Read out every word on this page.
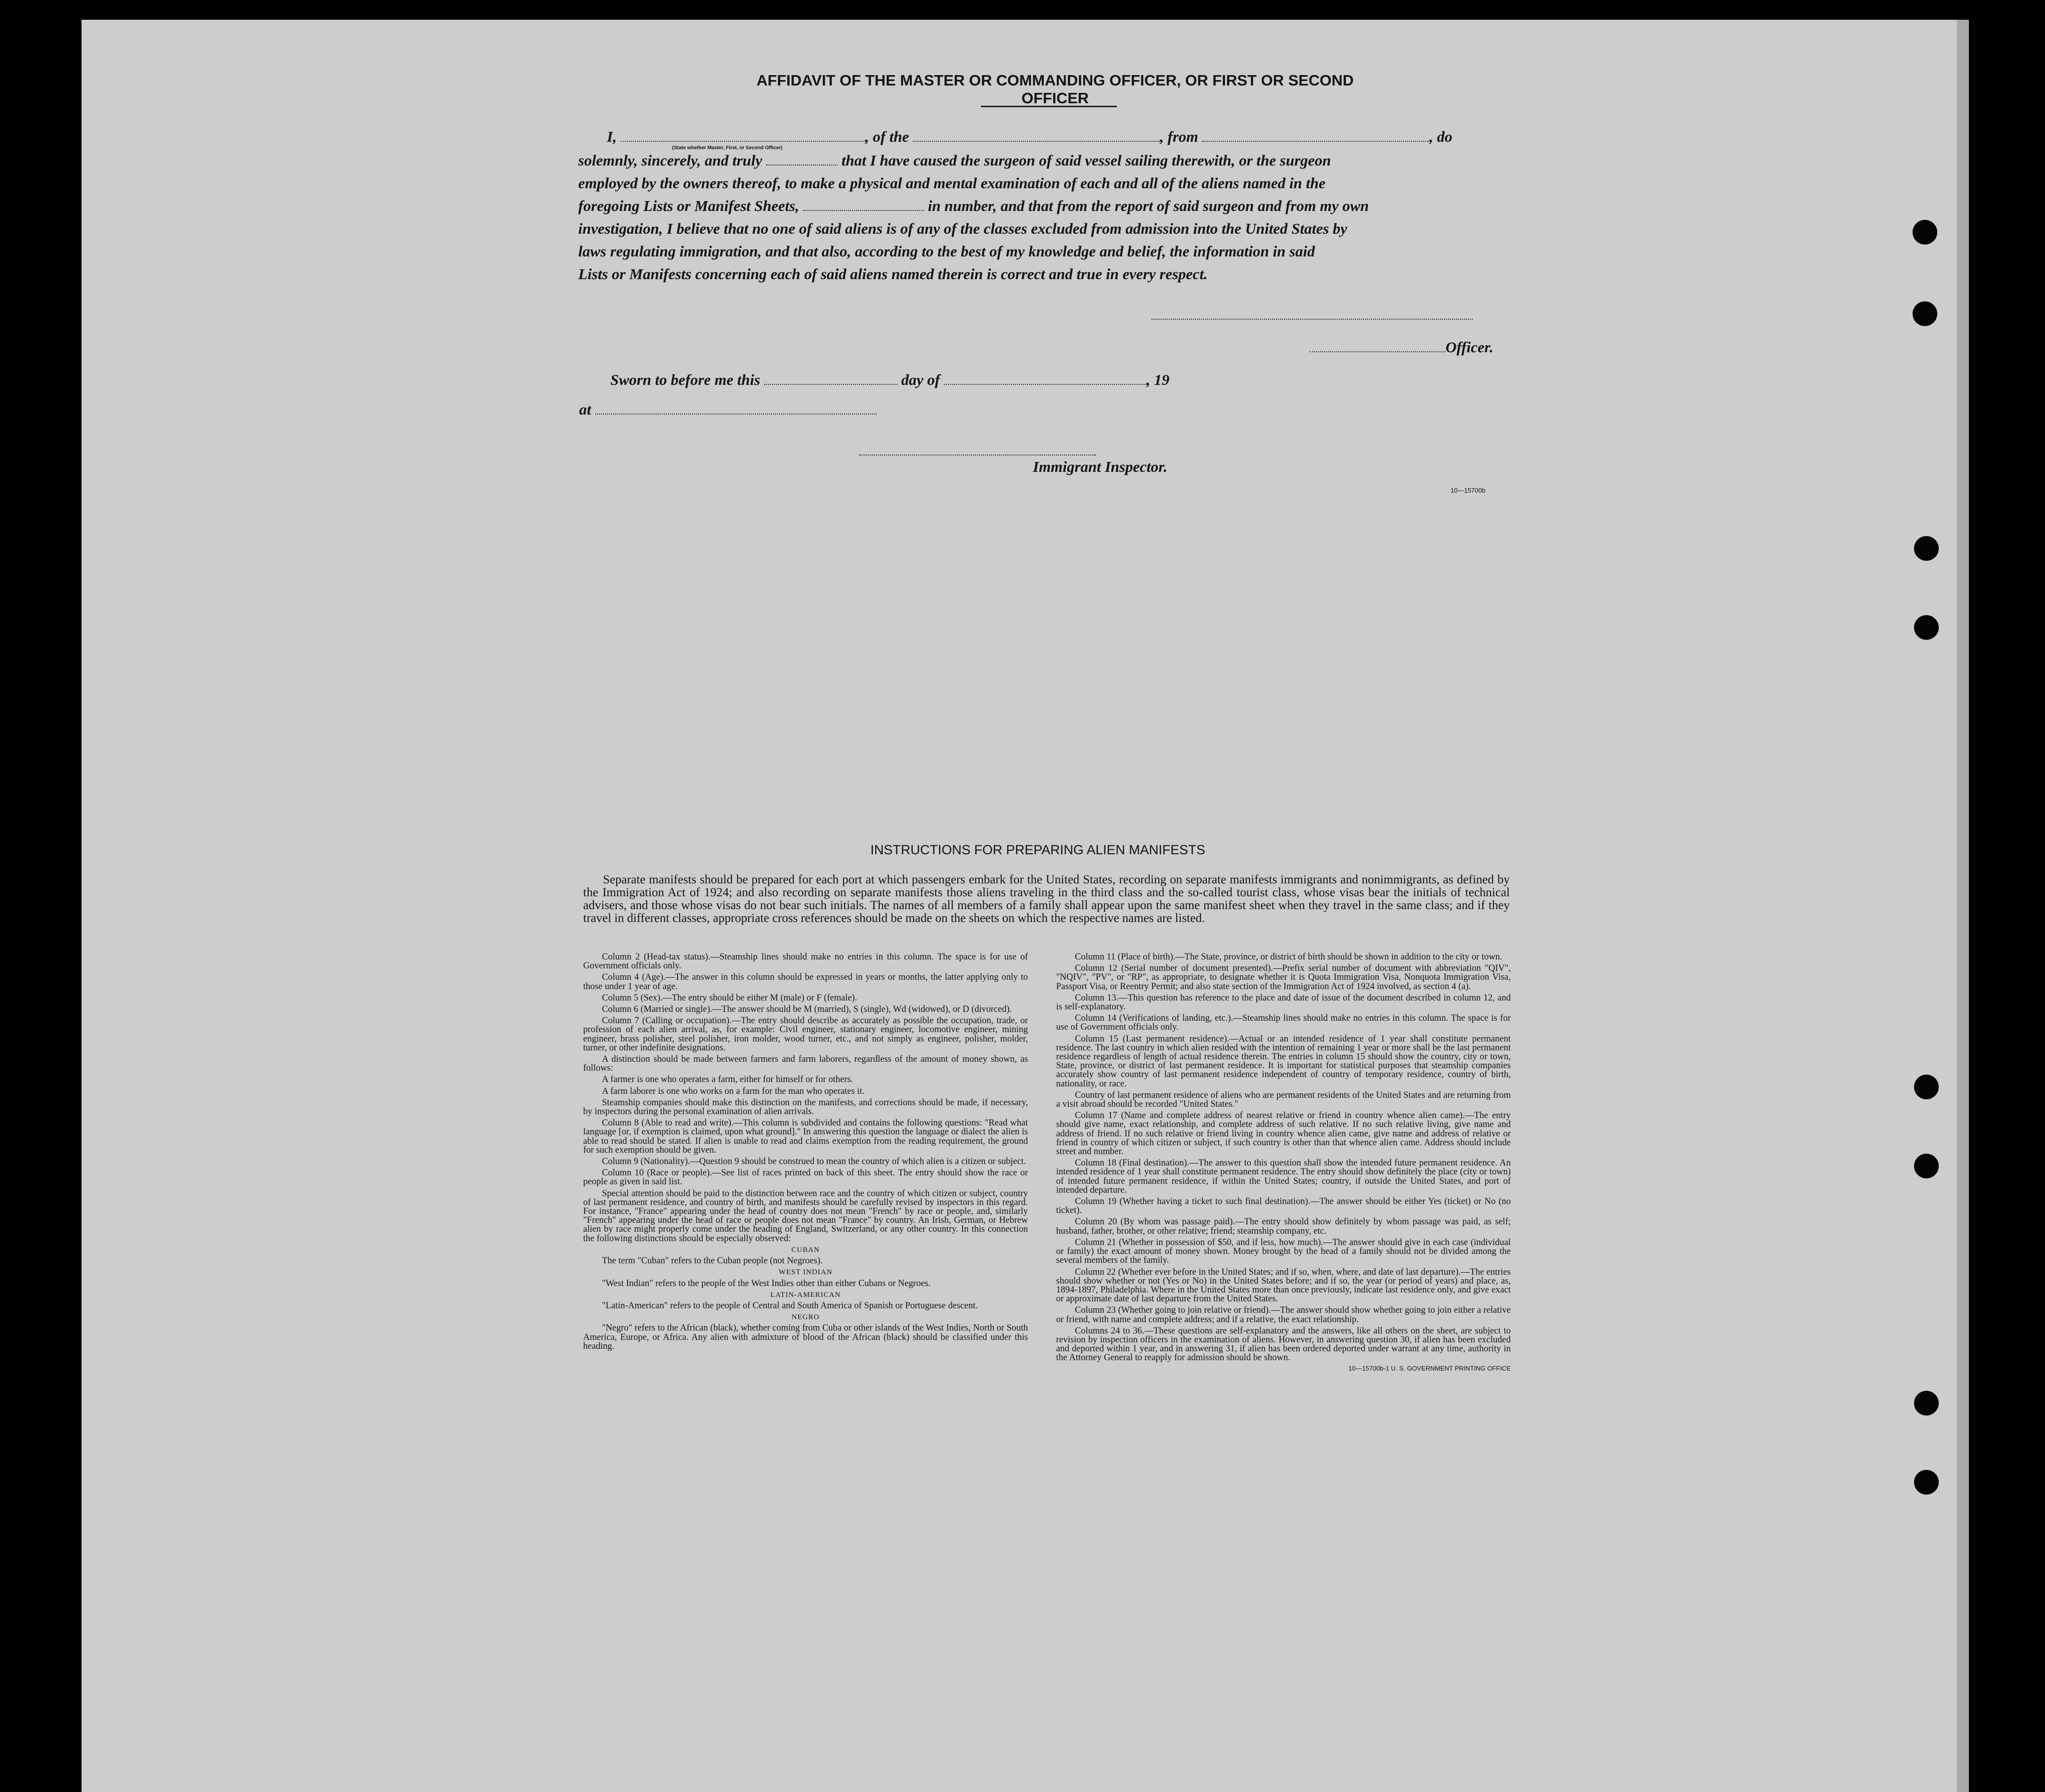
AFFIDAVIT OF THE MASTER OR COMMANDING OFFICER, OR FIRST OR SECOND OFFICER
I,	, of the	, from	, do
(State whether Master, First, or Second Officer)
solemnly, sincerely, and truly	that I have caused the surgeon of said vessel sailing therewith, or the surgeon
employed by the owners thereof, to make a physical and mental examination of each and all of the aliens named in the
foregoing Lists or Manifest Sheets,	in number, and that from the report of said surgeon and from my own
investigation, I believe that no one of said aliens is of any of the classes excluded from admission into the United States by
laws regulating immigration, and that also, according to the best of my knowledge and belief, the information in said
Lists or Manifests concerning each of said aliens named therein is correct and true in every respect.
Officer.
Sworn to before me this	day of	, 19
at
Immigrant Inspector.
10—15700b
INSTRUCTIONS FOR PREPARING ALIEN MANIFESTS
Separate manifests should be prepared for each port at which passengers embark for the United States, recording on separate manifests immigrants and nonimmigrants, as defined by the Immigration Act of 1924; and also recording on separate manifests those aliens traveling in the third class and the so-called tourist class, whose visas bear the initials of technical advisers, and those whose visas do not bear such initials. The names of all members of a family shall appear upon the same manifest sheet when they travel in the same class; and if they travel in different classes, appropriate cross references should be made on the sheets on which the respective names are listed.

Column 2 (Head-tax status).—Steamship lines should make no entries in this column. The space is for use of Government officials only.

Column 4 (Age).—The answer in this column should be expressed in years or months, the latter applying only to those under 1 year of age.

Column 5 (Sex).—The entry should be either M (male) or F (female).

Column 6 (Married or single).—The answer should be M (married), S (single), Wd (widowed), or D (divorced).

Column 7 (Calling or occupation).—The entry should describe as accurately as possible the occupation, trade, or profession of each alien arrival, as, for example: Civil engineer, stationary engineer, locomotive engineer, mining engineer, brass polisher, steel polisher, iron molder, wood turner, etc., and not simply as engineer, polisher, molder, turner, or other indefinite designations.

A distinction should be made between farmers and farm laborers, regardless of the amount of money shown, as follows:

A farmer is one who operates a farm, either for himself or for others.

A farm laborer is one who works on a farm for the man who operates it.

Steamship companies should make this distinction on the manifests, and corrections should be made, if necessary, by inspectors during the personal examination of alien arrivals.

Column 8 (Able to read and write).—This column is subdivided and contains the following questions: "Read what language [or, if exemption is claimed, upon what ground]." In answering this question the language or dialect the alien is able to read should be stated. If alien is unable to read and claims exemption from the reading requirement, the ground for such exemption should be given.

Column 9 (Nationality).—Question 9 should be construed to mean the country of which alien is a citizen or subject.

Column 10 (Race or people).—See list of races printed on back of this sheet. The entry should show the race or people as given in said list.

Special attention should be paid to the distinction between race and the country of which citizen or subject, country of last permanent residence, and country of birth, and manifests should be carefully revised by inspectors in this regard. For instance, "France" appearing under the head of country does not mean "French" by race or people, and, similarly "French" appearing under the head of race or people does not mean "France" by country. An Irish, German, or Hebrew alien by race might properly come under the heading of England, Switzerland, or any other country. In this connection the following distinctions should be especially observed:

CUBAN

The term "Cuban" refers to the Cuban people (not Negroes).

WEST INDIAN

"West Indian" refers to the people of the West Indies other than either Cubans or Negroes.

LATIN-AMERICAN

"Latin-American" refers to the people of Central and South America of Spanish or Portuguese descent.

NEGRO

"Negro" refers to the African (black), whether coming from Cuba or other islands of the West Indies, North or South America, Europe, or Africa. Any alien with admixture of blood of the African (black) should be classified under this heading.

Column 11 (Place of birth).—The State, province, or district of birth should be shown in addition to the city or town.

Column 12 (Serial number of document presented).—Prefix serial number of document with abbreviation "QIV", "NQIV", "PV", or "RP", as appropriate, to designate whether it is Quota Immigration Visa, Nonquota Immigration Visa, Passport Visa, or Reentry Permit; and also state section of the Immigration Act of 1924 involved, as section 4 (a).

Column 13.—This question has reference to the place and date of issue of the document described in column 12, and is self-explanatory.

Column 14 (Verifications of landing, etc.).—Steamship lines should make no entries in this column. The space is for use of Government officials only.

Column 15 (Last permanent residence).—Actual or an intended residence of 1 year shall constitute permanent residence. The last country in which alien resided with the intention of remaining 1 year or more shall be the last permanent residence regardless of length of actual residence therein. The entries in column 15 should show the country, city or town, State, province, or district of last permanent residence. It is important for statistical purposes that steamship companies accurately show country of last permanent residence independent of country of temporary residence, country of birth, nationality, or race.

Country of last permanent residence of aliens who are permanent residents of the United States and are returning from a visit abroad should be recorded "United States."

Column 17 (Name and complete address of nearest relative or friend in country whence alien came).—The entry should give name, exact relationship, and complete address of such relative. If no such relative living, give name and address of friend. If no such relative or friend living in country whence alien came, give name and address of relative or friend in country of which citizen or subject, if such country is other than that whence alien came. Address should include street and number.

Column 18 (Final destination).—The answer to this question shall show the intended future permanent residence. An intended residence of 1 year shall constitute permanent residence. The entry should show definitely the place (city or town) of intended future permanent residence, if within the United States; country, if outside the United States, and port of intended departure.

Column 19 (Whether having a ticket to such final destination).—The answer should be either Yes (ticket) or No (no ticket).

Column 20 (By whom was passage paid).—The entry should show definitely by whom passage was paid, as self; husband, father, brother, or other relative; friend; steamship company, etc.

Column 21 (Whether in possession of $50, and if less, how much).—The answer should give in each case (individual or family) the exact amount of money shown. Money brought by the head of a family should not be divided among the several members of the family.

Column 22 (Whether ever before in the United States; and if so, when, where, and date of last departure).—The entries should show whether or not (Yes or No) in the United States before; and if so, the year (or period of years) and place, as, 1894-1897, Philadelphia. Where in the United States more than once previously, indicate last residence only, and give exact or approximate date of last departure from the United States.

Column 23 (Whether going to join relative or friend).—The answer should show whether going to join either a relative or friend, with name and complete address; and if a relative, the exact relationship.

Columns 24 to 36.—These questions are self-explanatory and the answers, like all others on the sheet, are subject to revision by inspection officers in the examination of aliens. However, in answering question 30, if alien has been excluded and deported within 1 year, and in answering 31, if alien has been ordered deported under warrant at any time, authority in the Attorney General to reapply for admission should be shown.

10—15700b-1 U. S. GOVERNMENT PRINTING OFFICE
